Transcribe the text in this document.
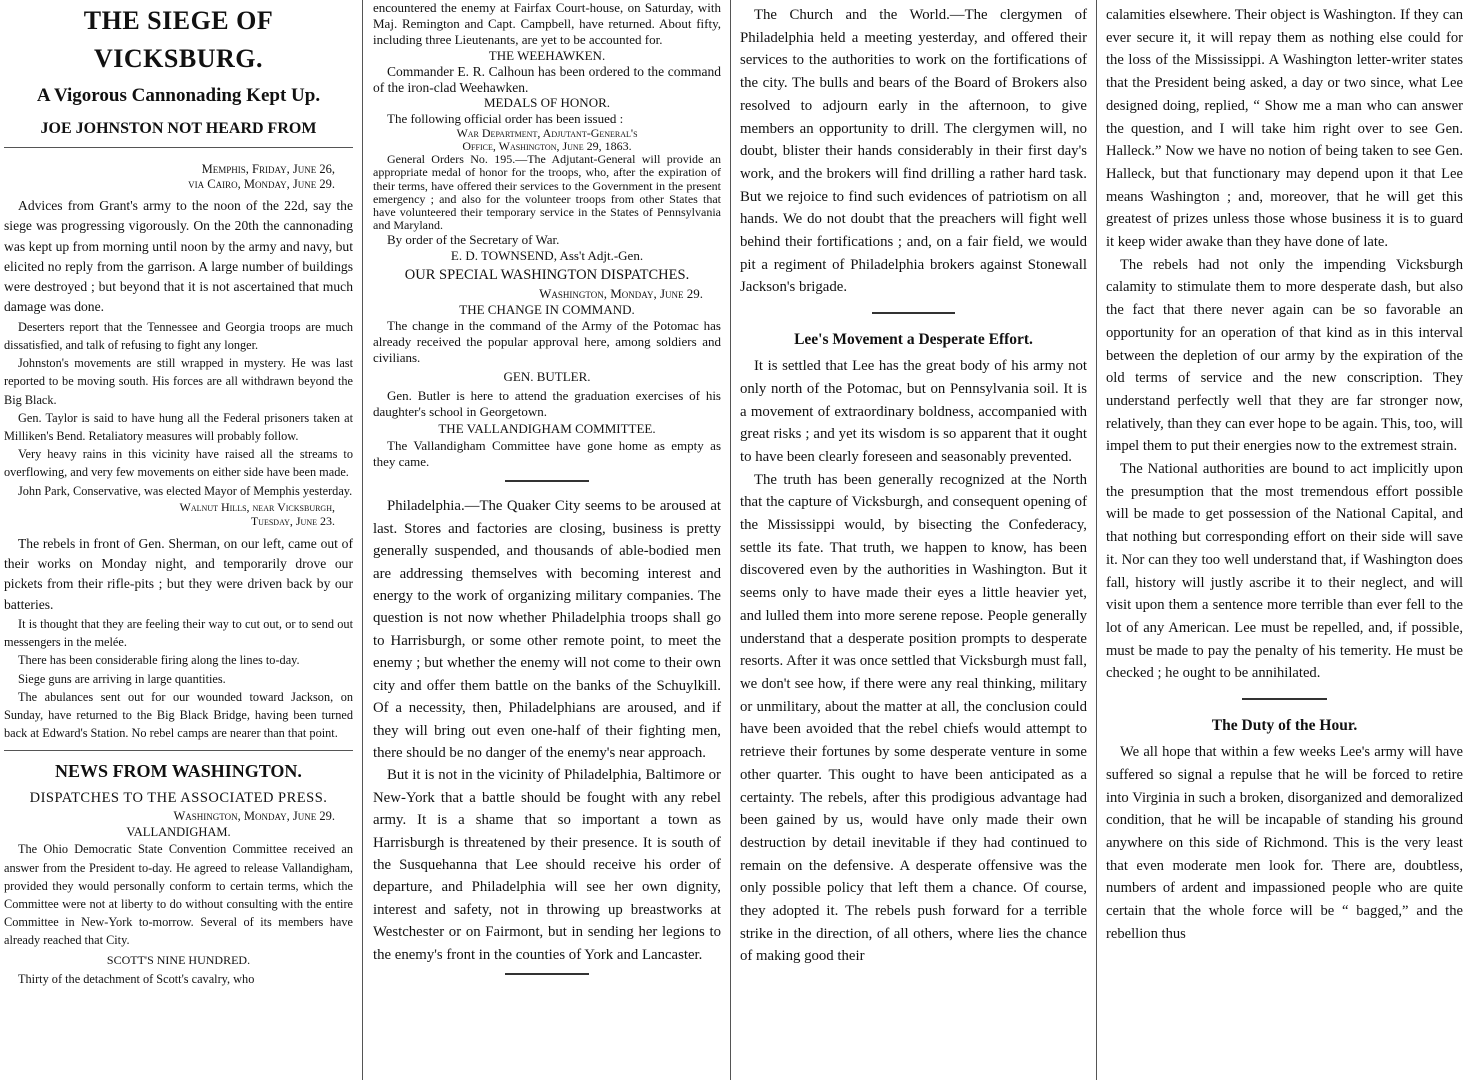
THE SIEGE OF VICKSBURG.
A Vigorous Cannonading Kept Up.
JOE JOHNSTON NOT HEARD FROM

Memphis, Friday, June 26,

via Cairo, Monday, June 29.

Advices from Grant's army to the noon of the 22d, say the siege was progressing vigorously. On the 20th the cannonading was kept up from morning until noon by the army and navy, but elicited no reply from the garrison. A large number of buildings were destroyed ; but beyond that it is not ascertained that much damage was done.

Deserters report that the Tennessee and Georgia troops are much dissatisfied, and talk of refusing to fight any longer.

Johnston's movements are still wrapped in mystery. He was last reported to be moving south. His forces are all withdrawn beyond the Big Black.

Gen. Taylor is said to have hung all the Federal prisoners taken at Milliken's Bend. Retaliatory measures will probably follow.

Very heavy rains in this vicinity have raised all the streams to overflowing, and very few movements on either side have been made.

John Park, Conservative, was elected Mayor of Memphis yesterday.

Walnut Hills, near Vicksburgh,

Tuesday, June 23.

The rebels in front of Gen. Sherman, on our left, came out of their works on Monday night, and temporarily drove our pickets from their rifle-pits ; but they were driven back by our batteries.

It is thought that they are feeling their way to cut out, or to send out messengers in the melée.

There has been considerable firing along the lines to-day.

Siege guns are arriving in large quantities.

The abulances sent out for our wounded toward Jackson, on Sunday, have returned to the Big Black Bridge, having been turned back at Edward's Station. No rebel camps are nearer than that point.

NEWS FROM WASHINGTON.
DISPATCHES TO THE ASSOCIATED PRESS.

Washington, Monday, June 29.

VALLANDIGHAM.

The Ohio Democratic State Convention Committee received an answer from the President to-day. He agreed to release Vallandigham, provided they would personally conform to certain terms, which the Committee were not at liberty to do without consulting with the entire Committee in New-York to-morrow. Several of its members have already reached that City.

SCOTT'S NINE HUNDRED.

Thirty of the detachment of Scott's cavalry, who

encountered the enemy at Fairfax Court-house, on Saturday, with Maj. Remington and Capt. Campbell, have returned. About fifty, including three Lieutenants, are yet to be accounted for.

THE WEEHAWKEN.

Commander E. R. Calhoun has been ordered to the command of the iron-clad Weehawken.

MEDALS OF HONOR.

The following official order has been issued :

War Department, Adjutant-General's

Office, Washington, June 29, 1863.

General Orders No. 195.—The Adjutant-General will provide an appropriate medal of honor for the troops, who, after the expiration of their terms, have offered their services to the Government in the present emergency ; and also for the volunteer troops from other States that have volunteered their temporary service in the States of Pennsylvania and Maryland.

By order of the Secretary of War.

E. D. TOWNSEND, Ass't Adjt.-Gen.

OUR SPECIAL WASHINGTON DISPATCHES.

Washington, Monday, June 29.

THE CHANGE IN COMMAND.

The change in the command of the Army of the Potomac has already received the popular approval here, among soldiers and civilians.

GEN. BUTLER.

Gen. Butler is here to attend the graduation exercises of his daughter's school in Georgetown.

THE VALLANDIGHAM COMMITTEE.

The Vallandigham Committee have gone home as empty as they came.

Philadelphia.—The Quaker City seems to be aroused at last. Stores and factories are closing, business is pretty generally suspended, and thousands of able-bodied men are addressing themselves with becoming interest and energy to the work of organizing military companies. The question is not now whether Philadelphia troops shall go to Harrisburgh, or some other remote point, to meet the enemy ; but whether the enemy will not come to their own city and offer them battle on the banks of the Schuylkill. Of a necessity, then, Philadelphians are aroused, and if they will bring out even one-half of their fighting men, there should be no danger of the enemy's near approach.

But it is not in the vicinity of Philadelphia, Baltimore or New-York that a battle should be fought with any rebel army. It is a shame that so important a town as Harrisburgh is threatened by their presence. It is south of the Susquehanna that Lee should receive his order of departure, and Philadelphia will see her own dignity, interest and safety, not in throwing up breastworks at Westchester or on Fairmont, but in sending her legions to the enemy's front in the counties of York and Lancaster.

The Church and the World.—The clergymen of Philadelphia held a meeting yesterday, and offered their services to the authorities to work on the fortifications of the city. The bulls and bears of the Board of Brokers also resolved to adjourn early in the afternoon, to give members an opportunity to drill. The clergymen will, no doubt, blister their hands considerably in their first day's work, and the brokers will find drilling a rather hard task. But we rejoice to find such evidences of patriotism on all hands. We do not doubt that the preachers will fight well behind their fortifications ; and, on a fair field, we would pit a regiment of Philadelphia brokers against Stonewall Jackson's brigade.

Lee's Movement a Desperate Effort.

It is settled that Lee has the great body of his army not only north of the Potomac, but on Pennsylvania soil. It is a movement of extraordinary boldness, accompanied with great risks ; and yet its wisdom is so apparent that it ought to have been clearly foreseen and seasonably prevented.

The truth has been generally recognized at the North that the capture of Vicksburgh, and consequent opening of the Mississippi would, by bisecting the Confederacy, settle its fate. That truth, we happen to know, has been discovered even by the authorities in Washington. But it seems only to have made their eyes a little heavier yet, and lulled them into more serene repose. People generally understand that a desperate position prompts to desperate resorts. After it was once settled that Vicksburgh must fall, we don't see how, if there were any real thinking, military or unmilitary, about the matter at all, the conclusion could have been avoided that the rebel chiefs would attempt to retrieve their fortunes by some desperate venture in some other quarter. This ought to have been anticipated as a certainty. The rebels, after this prodigious advantage had been gained by us, would have only made their own destruction by detail inevitable if they had continued to remain on the defensive. A desperate offensive was the only possible policy that left them a chance. Of course, they adopted it. The rebels push forward for a terrible strike in the direction, of all others, where lies the chance of making good their

calamities elsewhere. Their object is Washington. If they can ever secure it, it will repay them as nothing else could for the loss of the Mississippi. A Washington letter-writer states that the President being asked, a day or two since, what Lee designed doing, replied, “ Show me a man who can answer the question, and I will take him right over to see Gen. Halleck.” Now we have no notion of being taken to see Gen. Halleck, but that functionary may depend upon it that Lee means Washington ; and, moreover, that he will get this greatest of prizes unless those whose business it is to guard it keep wider awake than they have done of late.

The rebels had not only the impending Vicksburgh calamity to stimulate them to more desperate dash, but also the fact that there never again can be so favorable an opportunity for an operation of that kind as in this interval between the depletion of our army by the expiration of the old terms of service and the new conscription. They understand perfectly well that they are far stronger now, relatively, than they can ever hope to be again. This, too, will impel them to put their energies now to the extremest strain.

The National authorities are bound to act implicitly upon the presumption that the most tremendous effort possible will be made to get possession of the National Capital, and that nothing but corresponding effort on their side will save it. Nor can they too well understand that, if Washington does fall, history will justly ascribe it to their neglect, and will visit upon them a sentence more terrible than ever fell to the lot of any American. Lee must be repelled, and, if possible, must be made to pay the penalty of his temerity. He must be checked ; he ought to be annihilated.

The Duty of the Hour.

We all hope that within a few weeks Lee's army will have suffered so signal a repulse that he will be forced to retire into Virginia in such a broken, disorganized and demoralized condition, that he will be incapable of standing his ground anywhere on this side of Richmond. This is the very least that even moderate men look for. There are, doubtless, numbers of ardent and impassioned people who are quite certain that the whole force will be “ bagged,” and the rebellion thus
